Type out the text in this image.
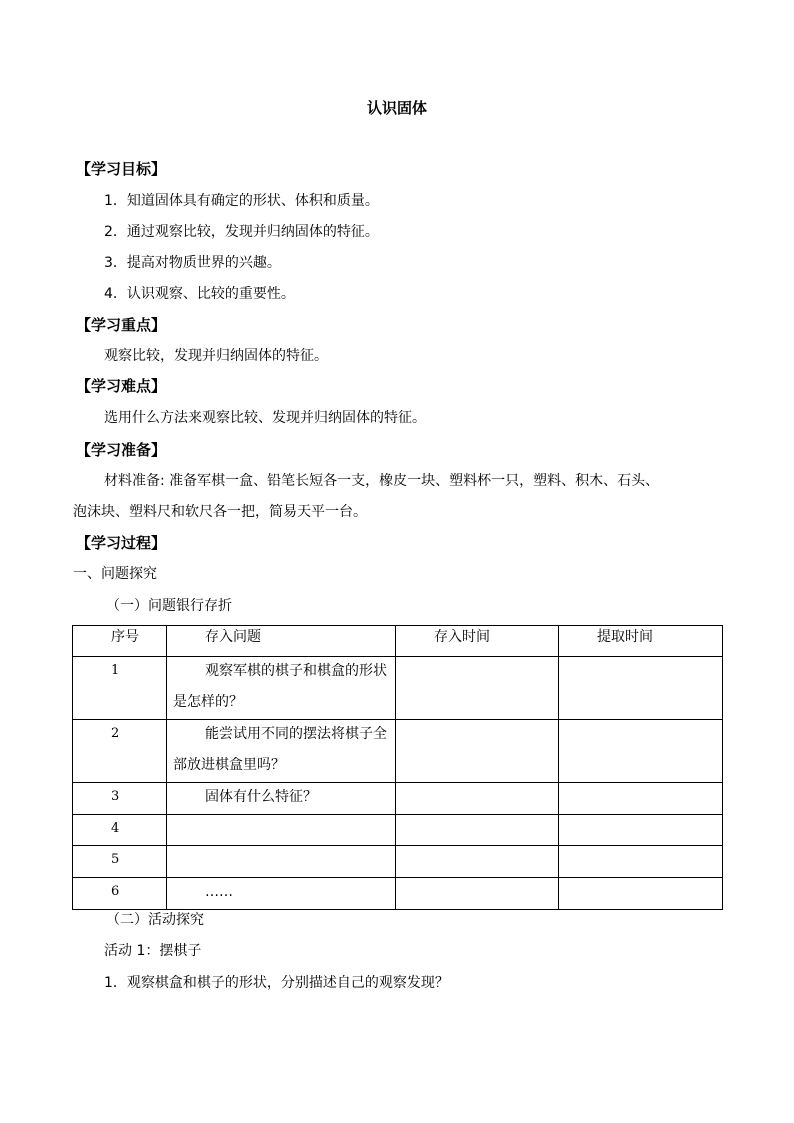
认识固体
【学习目标】
1．知道固体具有确定的形状、体积和质量。
2．通过观察比较，发现并归纳固体的特征。
3．提高对物质世界的兴趣。
4．认识观察、比较的重要性。
【学习重点】
观察比较，发现并归纳固体的特征。
【学习难点】
选用什么方法来观察比较、发现并归纳固体的特征。
【学习准备】
材料准备: 准备军棋一盒、铅笔长短各一支，橡皮一块、塑料杯一只，塑料、积木、石头、
泡沫块、塑料尺和软尺各一把，简易天平一台。
【学习过程】
一、问题探究
（一）问题银行存折
序号	存入问题	存入时间	提取时间
1	观察军棋的棋子和棋盒的形状是怎样的？		

2	能尝试用不同的摆法将棋子全部放进棋盒里吗？		

3	固体有什么特征？		

4	

5	

6	……		

（二）活动探究
活动 1：摆棋子
1．观察棋盒和棋子的形状，分别描述自己的观察发现？
